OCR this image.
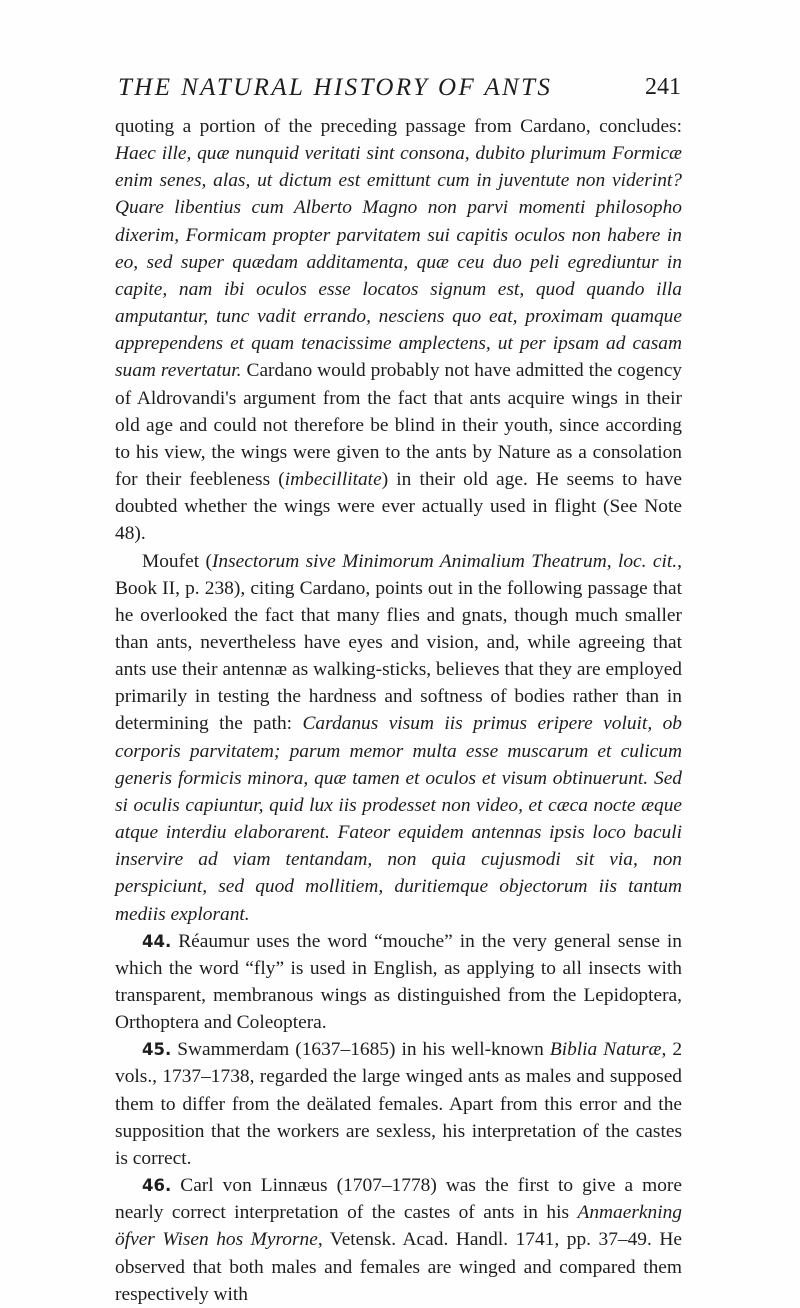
THE NATURAL HISTORY OF ANTS	241

quoting a portion of the preceding passage from Cardano, concludes: Haec ille, quæ nunquid veritati sint consona, dubito plurimum Formicæ enim senes, alas, ut dictum est emittunt cum in juventute non viderint? Quare libentius cum Alberto Magno non parvi momenti philosopho dixerim, Formicam propter parvitatem sui capitis oculos non habere in eo, sed super quædam additamenta, quæ ceu duo peli egrediuntur in capite, nam ibi oculos esse locatos signum est, quod quando illa amputantur, tunc vadit errando, nesciens quo eat, proximam quamque apprependens et quam tenacissime amplectens, ut per ipsam ad casam suam revertatur. Cardano would probably not have admitted the cogency of Aldrovandi's argument from the fact that ants acquire wings in their old age and could not therefore be blind in their youth, since according to his view, the wings were given to the ants by Nature as a consolation for their feebleness (imbecillitate) in their old age. He seems to have doubted whether the wings were ever actually used in flight (See Note 48).

Moufet (Insectorum sive Minimorum Animalium Theatrum, loc. cit., Book II, p. 238), citing Cardano, points out in the following passage that he overlooked the fact that many flies and gnats, though much smaller than ants, nevertheless have eyes and vision, and, while agreeing that ants use their antennæ as walking-sticks, believes that they are employed primarily in testing the hardness and softness of bodies rather than in determining the path: Cardanus visum iis primus eripere voluit, ob corporis parvitatem; parum memor multa esse muscarum et culicum generis formicis minora, quæ tamen et oculos et visum obtinuerunt. Sed si oculis capiuntur, quid lux iis prodesset non video, et cæca nocte æque atque interdiu elaborarent. Fateor equidem antennas ipsis loco baculi inservire ad viam tentandam, non quia cujusmodi sit via, non perspiciunt, sed quod mollitiem, duritiemque objectorum iis tantum mediis explorant.

44. Réaumur uses the word “mouche” in the very general sense in which the word “fly” is used in English, as applying to all insects with transparent, membranous wings as distinguished from the Lepidoptera, Orthoptera and Coleoptera.

45. Swammerdam (1637–1685) in his well-known Biblia Naturæ, 2 vols., 1737–1738, regarded the large winged ants as males and supposed them to differ from the deälated females. Apart from this error and the supposition that the workers are sexless, his interpretation of the castes is correct.

46. Carl von Linnæus (1707–1778) was the first to give a more nearly correct interpretation of the castes of ants in his Anmaerkning öfver Wisen hos Myrorne, Vetensk. Acad. Handl. 1741, pp. 37–49. He observed that both males and females are winged and compared them respectively with
